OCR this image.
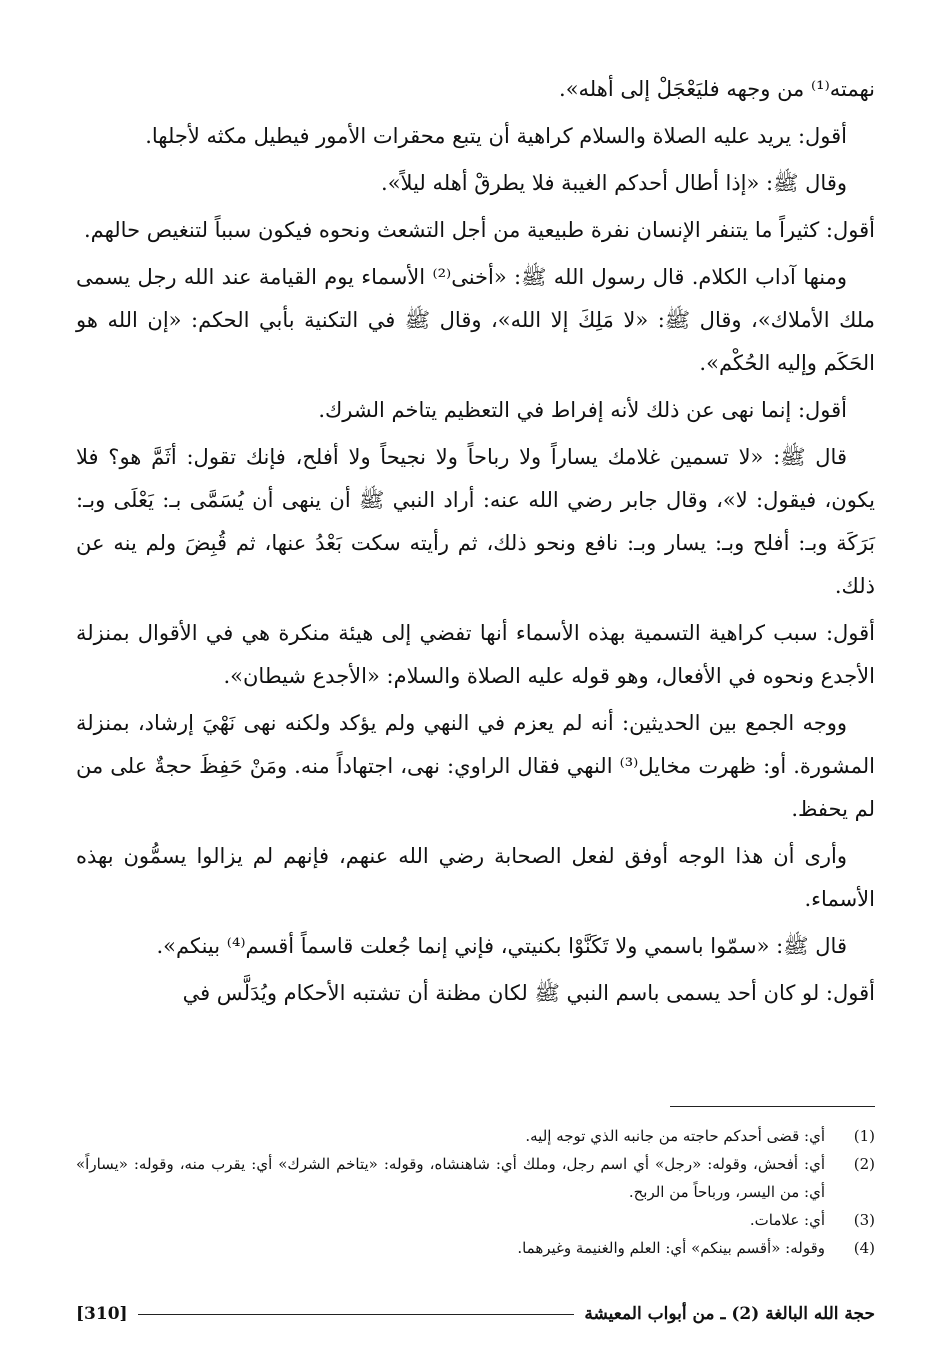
نهمته⁽¹⁾ من وجهه فليَعْجَلْ إلى أهله».

أقول: يريد عليه الصلاة والسلام كراهية أن يتبع محقرات الأمور فيطيل مكثه لأجلها.

وقال ﷺ: «إذا أطال أحدكم الغيبة فلا يطرقْ أهله ليلاً».

أقول: كثيراً ما يتنفر الإنسان نفرة طبيعية من أجل التشعث ونحوه فيكون سبباً لتنغيص حالهم.

ومنها آداب الكلام. قال رسول الله ﷺ: «أخنى⁽²⁾ الأسماء يوم القيامة عند الله رجل يسمى ملك الأملاك»، وقال ﷺ: «لا مَلِكَ إلا الله»، وقال ﷺ في التكنية بأبي الحكم: «إن الله هو الحَكَم وإليه الحُكْم».

أقول: إنما نهى عن ذلك لأنه إفراط في التعظيم يتاخم الشرك.

قال ﷺ: «لا تسمين غلامك يساراً ولا رباحاً ولا نجيحاً ولا أفلح، فإنك تقول: أثَمَّ هو؟ فلا يكون، فيقول: لا»، وقال جابر رضي الله عنه: أراد النبي ﷺ أن ينهى أن يُسَمَّى بـ: يَعْلَى وبـ: بَرَكَة وبـ: أفلح وبـ: يسار وبـ: نافع ونحو ذلك، ثم رأيته سكت بَعْدُ عنها، ثم قُبِضَ ولم ينه عن ذلك.

أقول: سبب كراهية التسمية بهذه الأسماء أنها تفضي إلى هيئة منكرة هي في الأقوال بمنزلة الأجدع ونحوه في الأفعال، وهو قوله عليه الصلاة والسلام: «الأجدع شيطان».

ووجه الجمع بين الحديثين: أنه لم يعزم في النهي ولم يؤكد ولكنه نهى نَهْيَ إرشاد، بمنزلة المشورة. أو: ظهرت مخايل⁽³⁾ النهي فقال الراوي: نهى، اجتهاداً منه. ومَنْ حَفِظَ حجةٌ على من لم يحفظ.

وأرى أن هذا الوجه أوفق لفعل الصحابة رضي الله عنهم، فإنهم لم يزالوا يسمُّون بهذه الأسماء.

قال ﷺ: «سمّوا باسمي ولا تَكَنَّوْا بكنيتي، فإني إنما جُعلت قاسماً أقسم⁽⁴⁾ بينكم».

أقول: لو كان أحد يسمى باسم النبي ﷺ لكان مظنة أن تشتبه الأحكام ويُدَلَّس في

(1)
أي: قضى أحدكم حاجته من جانبه الذي توجه إليه.
(2)
أي: أفحش، وقوله: «رجل» أي اسم رجل، وملك أي: شاهنشاه، وقوله: «يتاخم الشرك» أي: يقرب منه، وقوله: «يساراً» أي: من اليسر، ورباحاً من الربح.
(3)
أي: علامات.
(4)
وقوله: «أقسم بينكم» أي: العلم والغنيمة وغيرهما.
حجة الله البالغة (2) ـ من أبواب المعيشة
[310]
